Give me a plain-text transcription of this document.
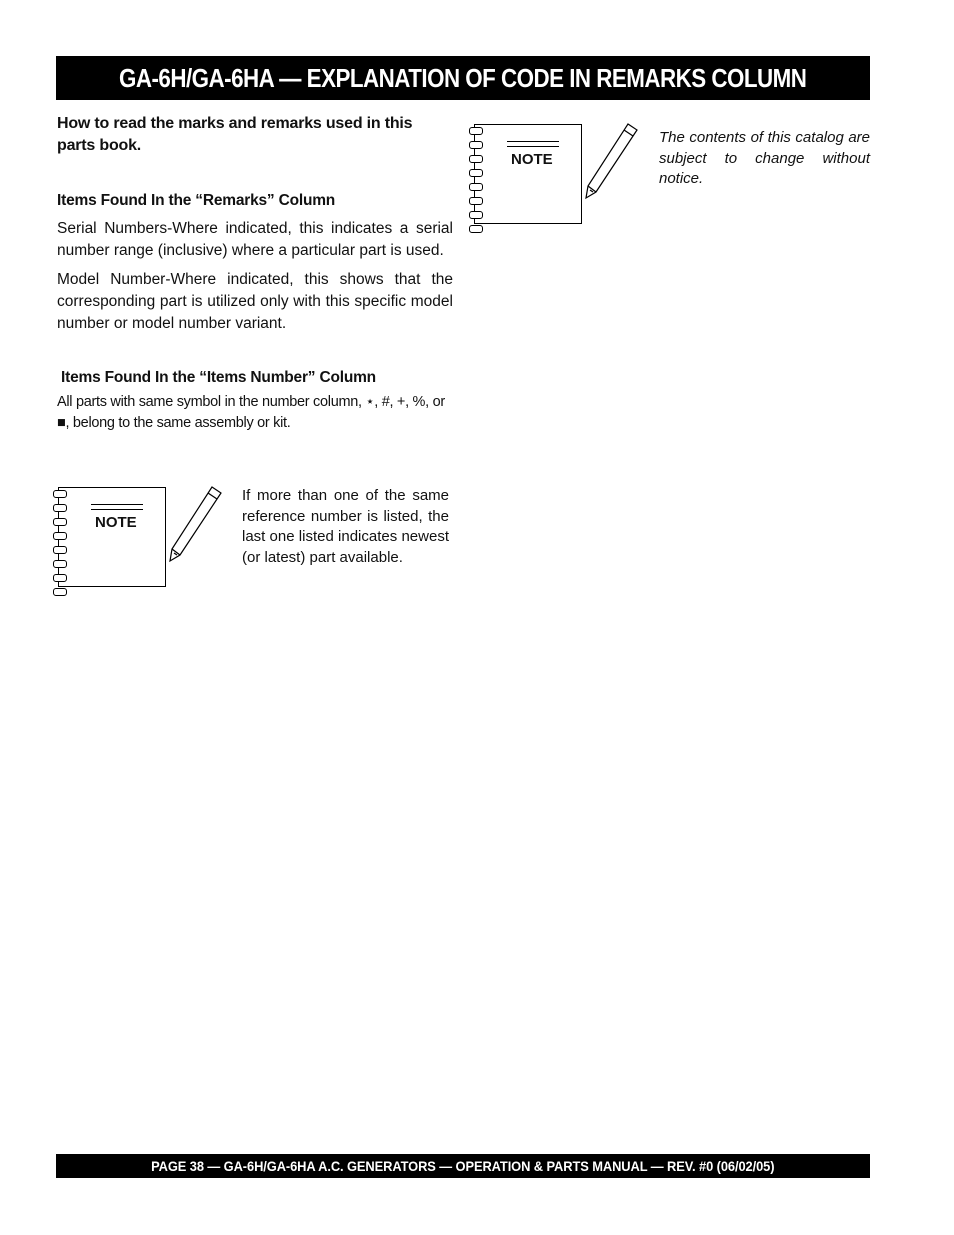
GA-6H/GA-6HA — EXPLANATION OF CODE IN REMARKS COLUMN

How to read the marks and remarks used in this parts book.

Items Found In the “Remarks” Column

Serial Numbers-Where indicated, this indicates a serial number range (inclusive) where a particular part is used.

Model Number-Where indicated, this shows that the corresponding part is utilized only with this specific model number or model number variant.

Items Found In the “Items Number” Column

All parts with same symbol in the number column, ⋆, #, +, %, or

■, belong to the same assembly or kit.

NOTE
The contents of this catalog are subject to change without notice.
NOTE
If more than one of the same reference number is listed, the last one listed indicates newest (or latest) part available.
PAGE 38 — GA-6H/GA-6HA A.C. GENERATORS — OPERATION & PARTS MANUAL — REV. #0 (06/02/05)
